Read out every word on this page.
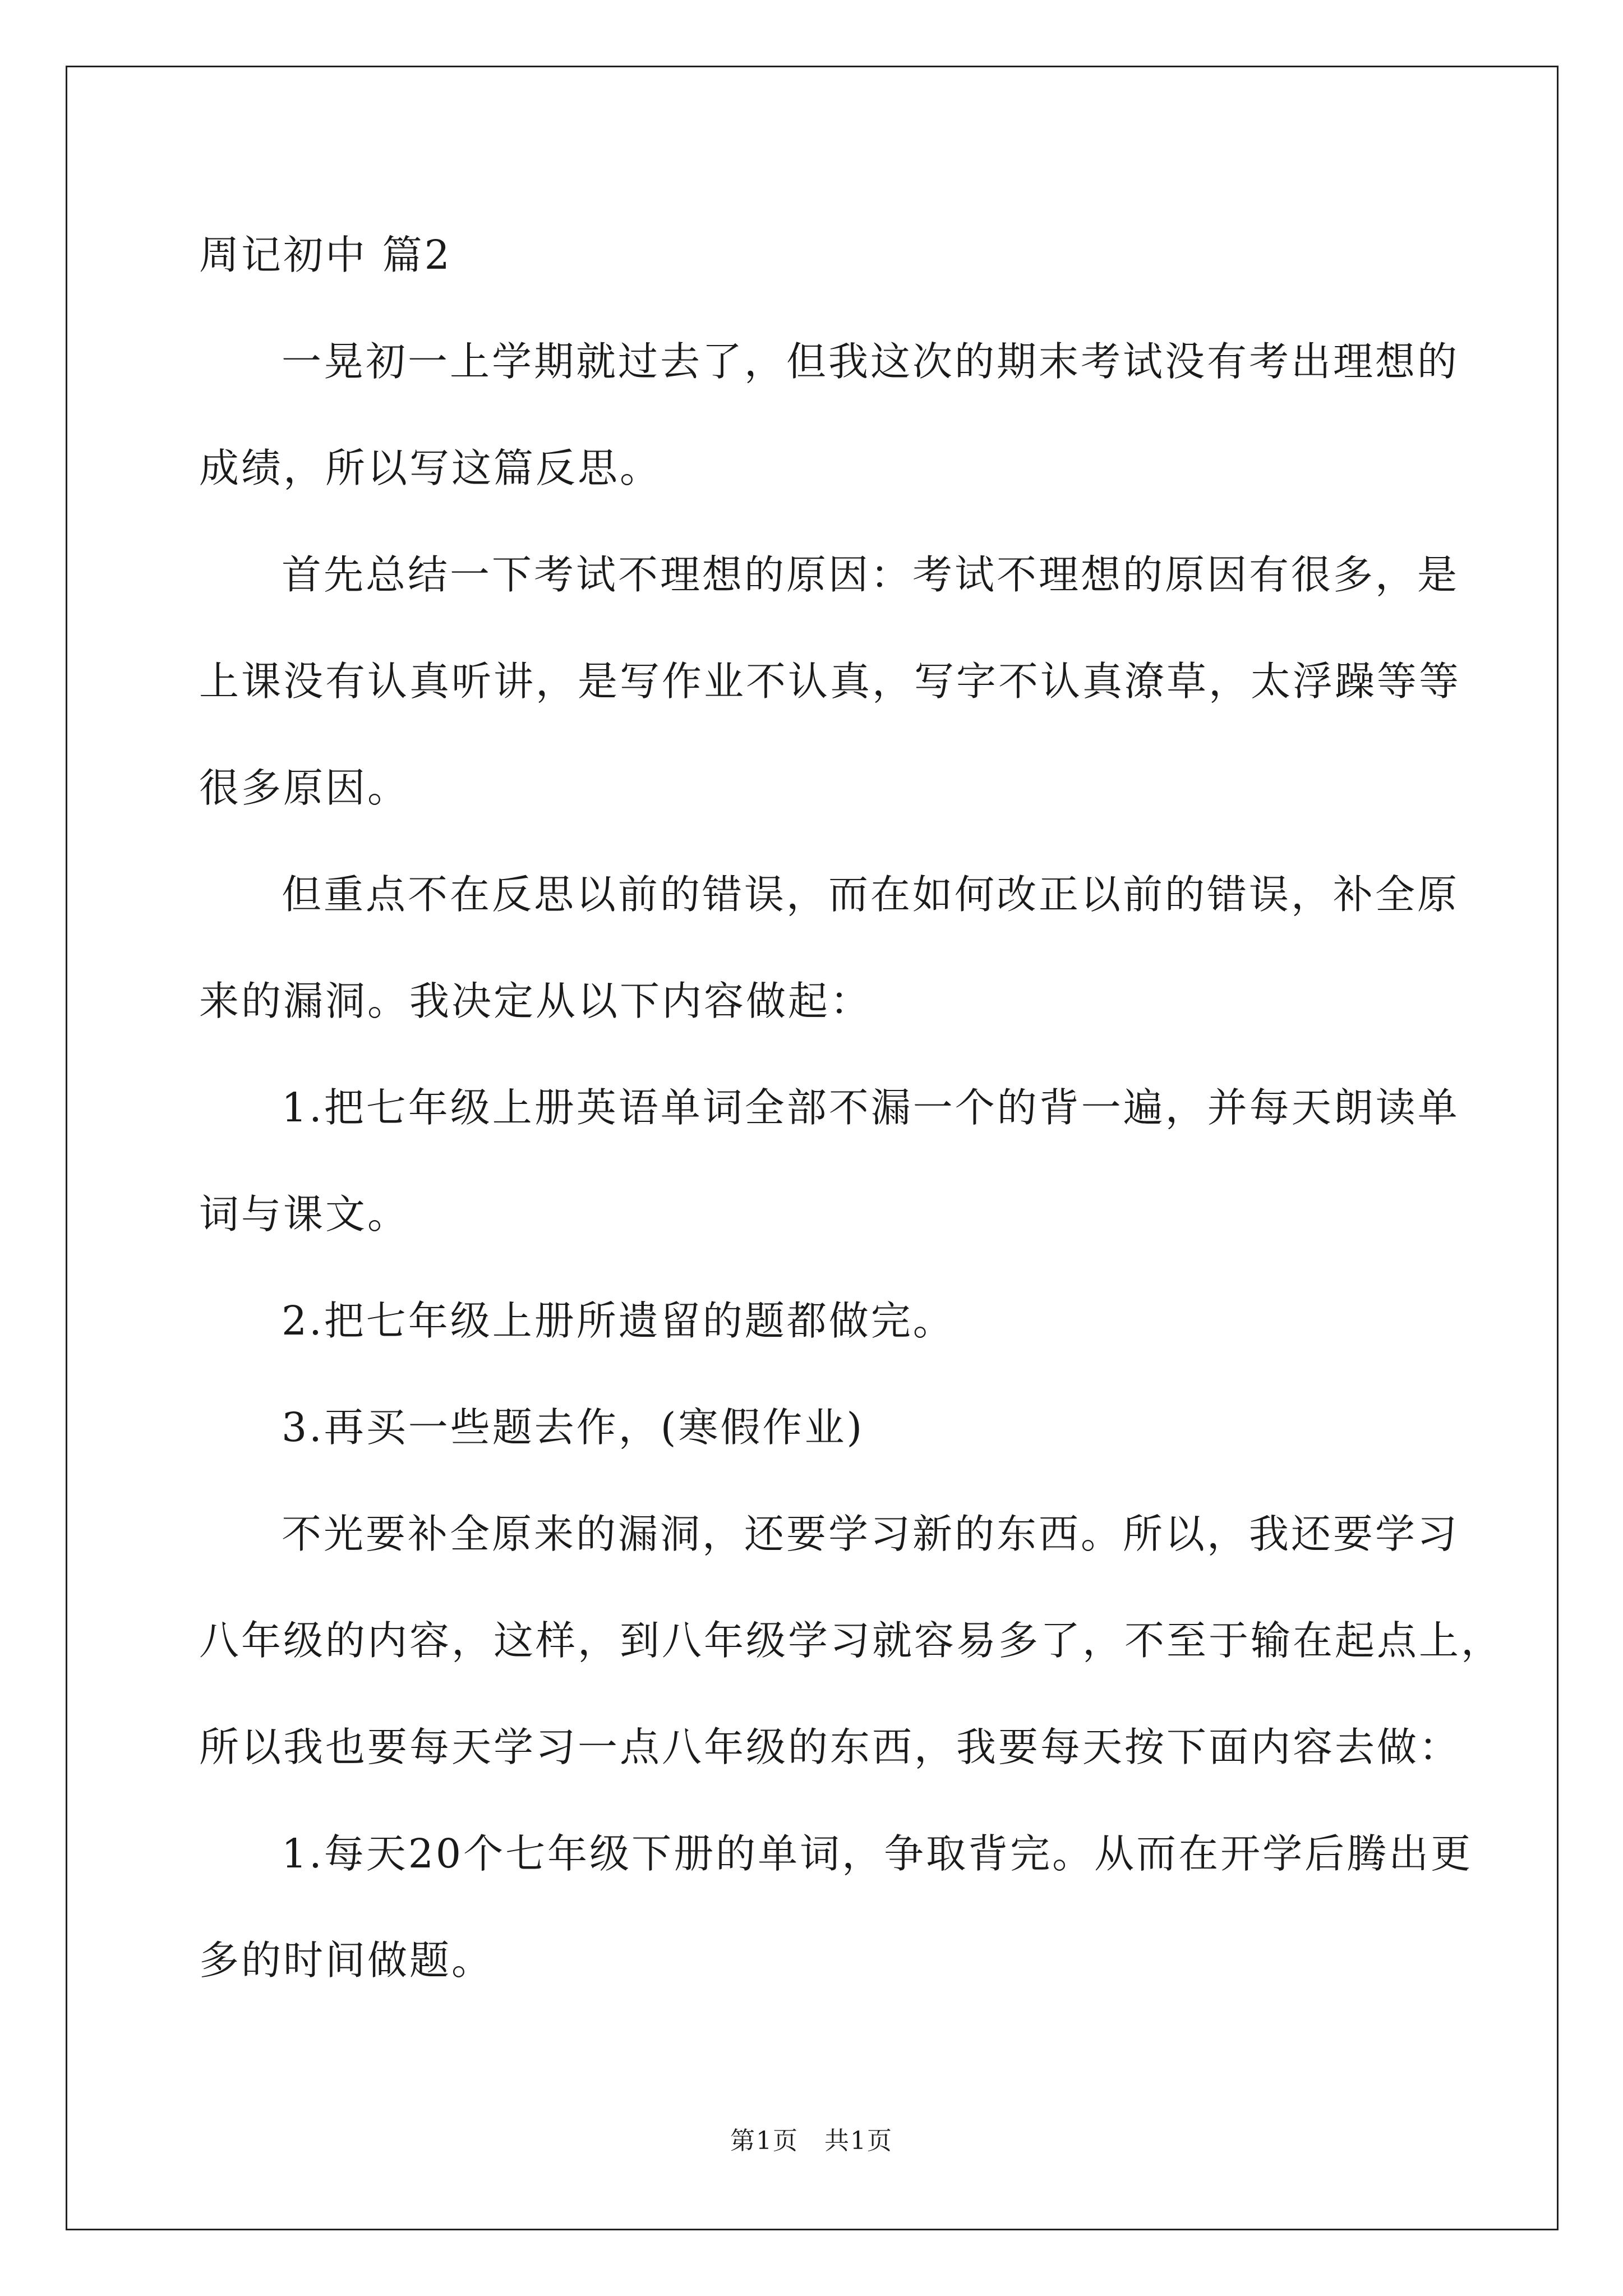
周记初中 篇2
一晃初一上学期就过去了，但我这次的期末考试没有考出理想的
成绩，所以写这篇反思。
首先总结一下考试不理想的原因：考试不理想的原因有很多，是
上课没有认真听讲，是写作业不认真，写字不认真潦草，太浮躁等等
很多原因。
但重点不在反思以前的错误，而在如何改正以前的错误，补全原
来的漏洞。我决定从以下内容做起：
1.把七年级上册英语单词全部不漏一个的背一遍，并每天朗读单
词与课文。
2.把七年级上册所遗留的题都做完。
3.再买一些题去作，(寒假作业)
不光要补全原来的漏洞，还要学习新的东西。所以，我还要学习
八年级的内容，这样，到八年级学习就容易多了，不至于输在起点上，
所以我也要每天学习一点八年级的东西，我要每天按下面内容去做：
1.每天20个七年级下册的单词，争取背完。从而在开学后腾出更
多的时间做题。
第1页　共1页
